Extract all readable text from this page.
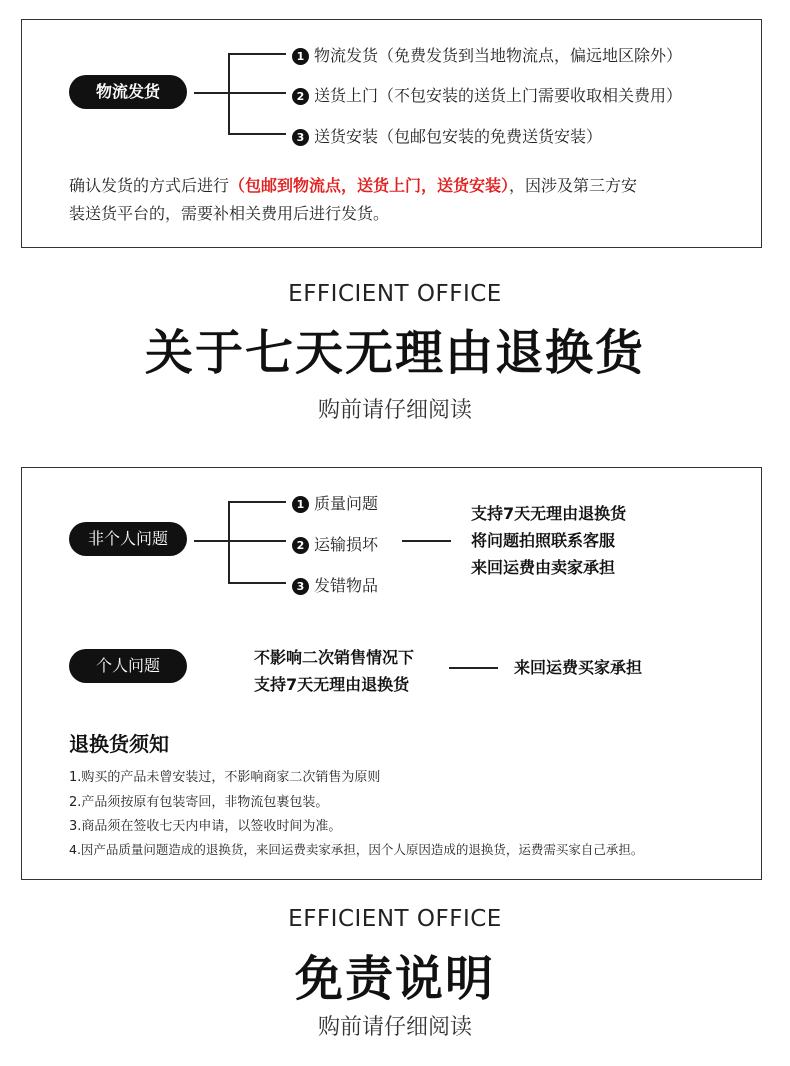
物流发货
1 物流发货（免费发货到当地物流点，偏远地区除外）
2 送货上门（不包安装的送货上门需要收取相关费用）
3 送货安装（包邮包安装的免费送货安装）
确认发货的方式后进行（包邮到物流点，送货上门，送货安装），因涉及第三方安
装送货平台的，需要补相关费用后进行发货。
EFFICIENT OFFICE
关于七天无理由退换货
购前请仔细阅读
非个人问题
1 质量问题
2 运输损坏
3 发错物品
支持7天无理由退换货
将问题拍照联系客服
来回运费由卖家承担
个人问题	不影响二次销售情况下
支持7天无理由退换货
来回运费买家承担
退换货须知
1.购买的产品未曾安装过，不影响商家二次销售为原则
2.产品须按原有包装寄回，非物流包裹包装。
3.商品须在签收七天内申请，以签收时间为准。
4.因产品质量问题造成的退换货，来回运费卖家承担，因个人原因造成的退换货，运费需买家自己承担。
EFFICIENT OFFICE
免责说明
购前请仔细阅读
